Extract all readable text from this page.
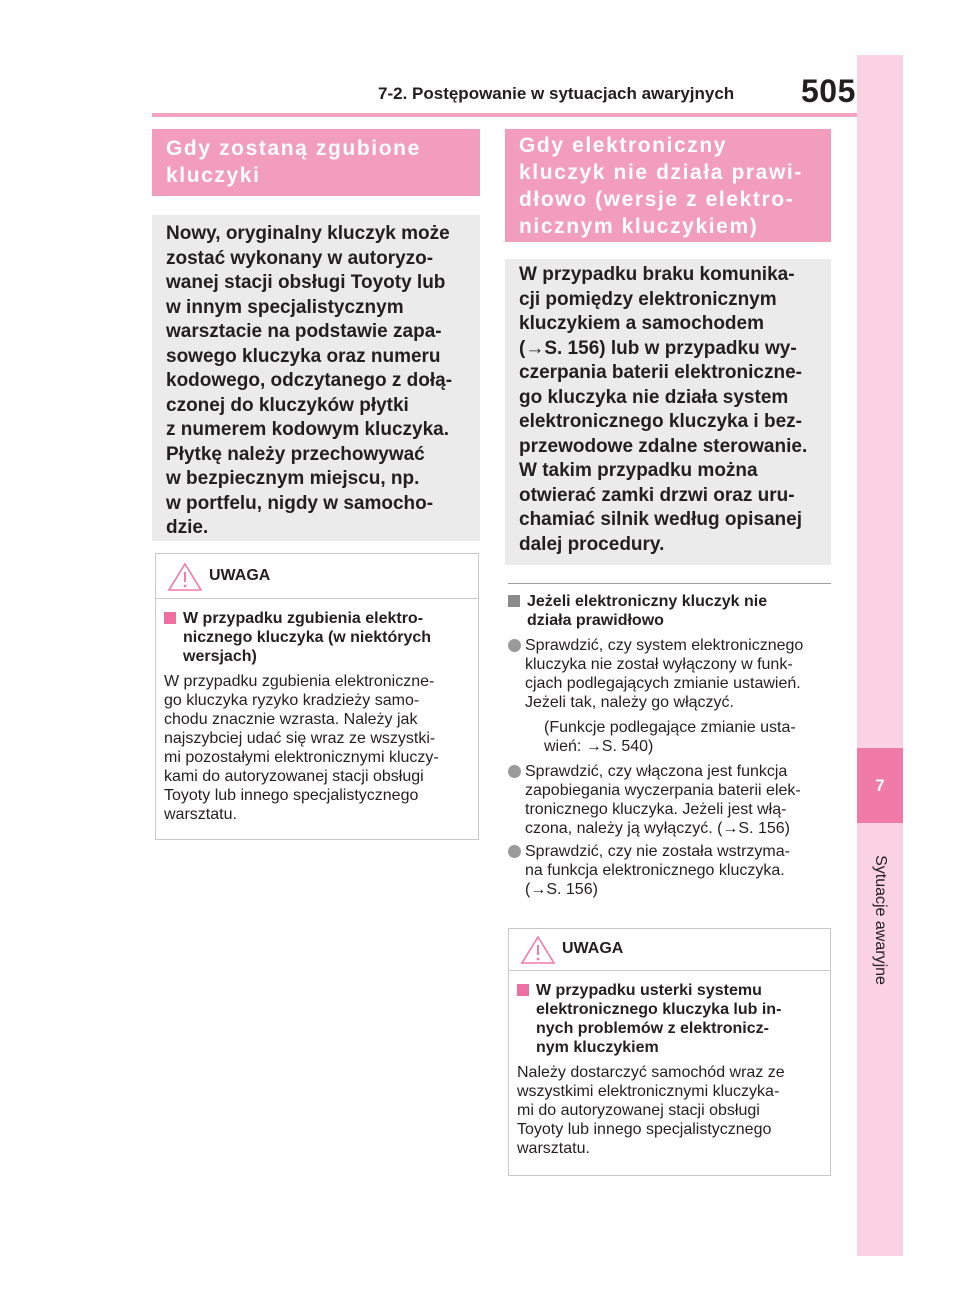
7-2. Postępowanie w sytuacjach awaryjnych 505
7
Sytuacje awaryjne
Gdy zostaną zgubione
kluczyki

Nowy, oryginalny kluczyk może

zostać wykonany w autoryzo-

wanej stacji obsługi Toyoty lub

w innym specjalistycznym

warsztacie na podstawie zapa-

sowego kluczyka oraz numeru

kodowego, odczytanego z dołą-

czonej do kluczyków płytki

z numerem kodowym kluczyka.

Płytkę należy przechowywać

w bezpiecznym miejscu, np.

w portfelu, nigdy w samocho-

dzie.

UWAGA
W przypadku zgubienia elektro-
nicznego kluczyka (w niektórych
wersjach)

W przypadku zgubienia elektroniczne-

go kluczyka ryzyko kradzieży samo-

chodu znacznie wzrasta. Należy jak

najszybciej udać się wraz ze wszystki-

mi pozostałymi elektronicznymi kluczy-

kami do autoryzowanej stacji obsługi

Toyoty lub innego specjalistycznego

warsztatu.

Gdy elektroniczny
kluczyk nie działa prawi-
dłowo (wersje z elektro-
nicznym kluczykiem)

W przypadku braku komunika-

cji pomiędzy elektronicznym

kluczykiem a samochodem

(→S. 156) lub w przypadku wy-

czerpania baterii elektroniczne-

go kluczyka nie działa system

elektronicznego kluczyka i bez-

przewodowe zdalne sterowanie.

W takim przypadku można

otwierać zamki drzwi oraz uru-

chamiać silnik według opisanej

dalej procedury.

Jeżeli elektroniczny kluczyk nie
działa prawidłowo

Sprawdzić, czy system elektronicznego

kluczyka nie został wyłączony w funk-

cjach podlegających zmianie ustawień.

Jeżeli tak, należy go włączyć.

(Funkcje podlegające zmianie usta-

wień: →S. 540)

Sprawdzić, czy włączona jest funkcja

zapobiegania wyczerpania baterii elek-

tronicznego kluczyka. Jeżeli jest włą-

czona, należy ją wyłączyć. (→S. 156)

Sprawdzić, czy nie została wstrzyma-

na funkcja elektronicznego kluczyka.

(→S. 156)

UWAGA
W przypadku usterki systemu
elektronicznego kluczyka lub in-
nych problemów z elektronicz-
nym kluczykiem

Należy dostarczyć samochód wraz ze

wszystkimi elektronicznymi kluczyka-

mi do autoryzowanej stacji obsługi

Toyoty lub innego specjalistycznego

warsztatu.
